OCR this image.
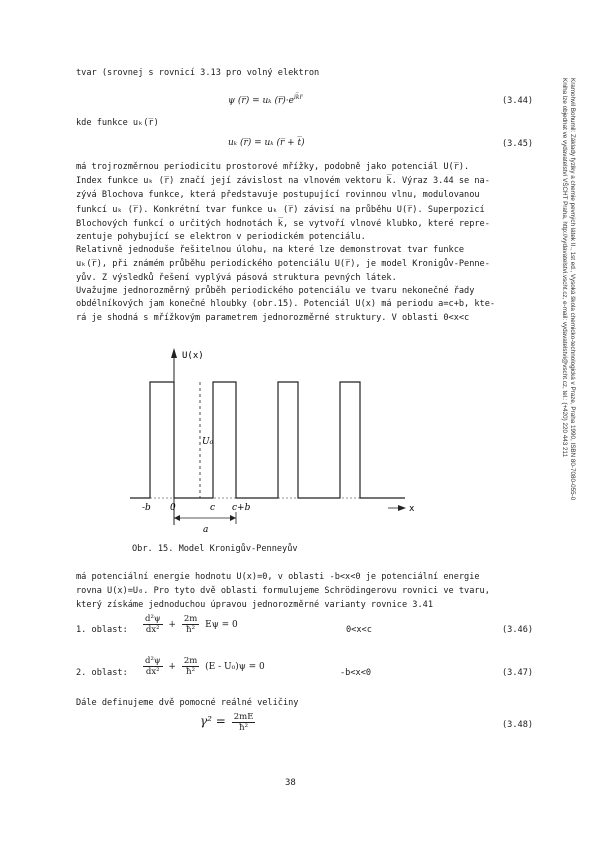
Kramohvil Bohumil: Základy fyziky a chemie pevných látek II., 1st ed., Vysoká škola chemicko-technologická v Praze, Praha 1990, ISBN 80-7080-055-0
Kniha lze objednat ve vydavatelství VŠCHT Praha, http://vydavatelstvi.vscht.cz, e-mail: vydavatelstvi@vscht.cz, tel.: (+420) 220 443 211
tvar (srovnej s rovnicí 3.13 pro volný elektron
ψ (r̅) = uₖ $(r̅)\cdot e^{ik̅r̅}$	(3.44)
kde funkce uₖ(r̅)
uₖ (r̅) = uₖ (r̅ + t̅)	(3.45)
má trojrozměrnou periodicitu prostorové mřížky, podobně jako potenciál U(r̅).
Index funkce uₖ (r̅) značí její závislost na vlnovém vektoru k̅. Výraz 3.44 se na-
zývá Blochova funkce, která představuje postupující rovinnou vlnu, modulovanou
funkcí uₖ (r̅). Konkrétní tvar funkce uₖ (r̅) závisí na průběhu U(r̅). Superpozicí
Blochových funkcí o určitých hodnotách k̅, se vytvoří vlnové klubko, které repre-
zentuje pohybující se elektron v periodickém potenciálu.
Relativně jednoduše řešitelnou úlohu, na které lze demonstrovat tvar funkce
uₖ(r̅), při známém průběhu periodického potenciálu U(r̅), je model Kronigův-Penne-
yův. Z výsledků řešení vyplývá pásová struktura pevných látek.
Uvažujme jednorozměrný průběh periodického potenciálu ve tvaru nekonečné řady
obdélníkových jam konečné hloubky (obr.15). Potenciál U(x) má periodu a=c+b, kte-
rá je shodná s mřížkovým parametrem jednorozměrné struktury. V oblasti 0<x<c
U(x)
U₀
x
-b 0	c c+b
a
Obr. 15. Model Kronigův-Penneyův
má potenciální energie hodnotu U(x)=0, v oblasti -b<x<0 je potenciální energie
rovna U(x)=U₀. Pro tyto dvě oblasti formulujeme Schrödingerovu rovnici ve tvaru,
který získáme jednoduchou úpravou jednorozměrné varianty rovnice 3.41
1. oblast: $\frac{\text{d²ψ}}{\text{dx²}} + \frac{2m}{\text{ħ²}}$ Eψ = 0	0<x<c	(3.46)
2. oblast: $\frac{\text{d²ψ}}{\text{dx²}} + \frac{2m}{\text{ħ²}} (E - U_0)\psi = 0$
-b<x<0	(3.47)
Dále definujeme dvě pomocné reálné veličiny
$\gamma^2 = \frac{2mE}{\text{ħ²}}$	(3.48)
38
